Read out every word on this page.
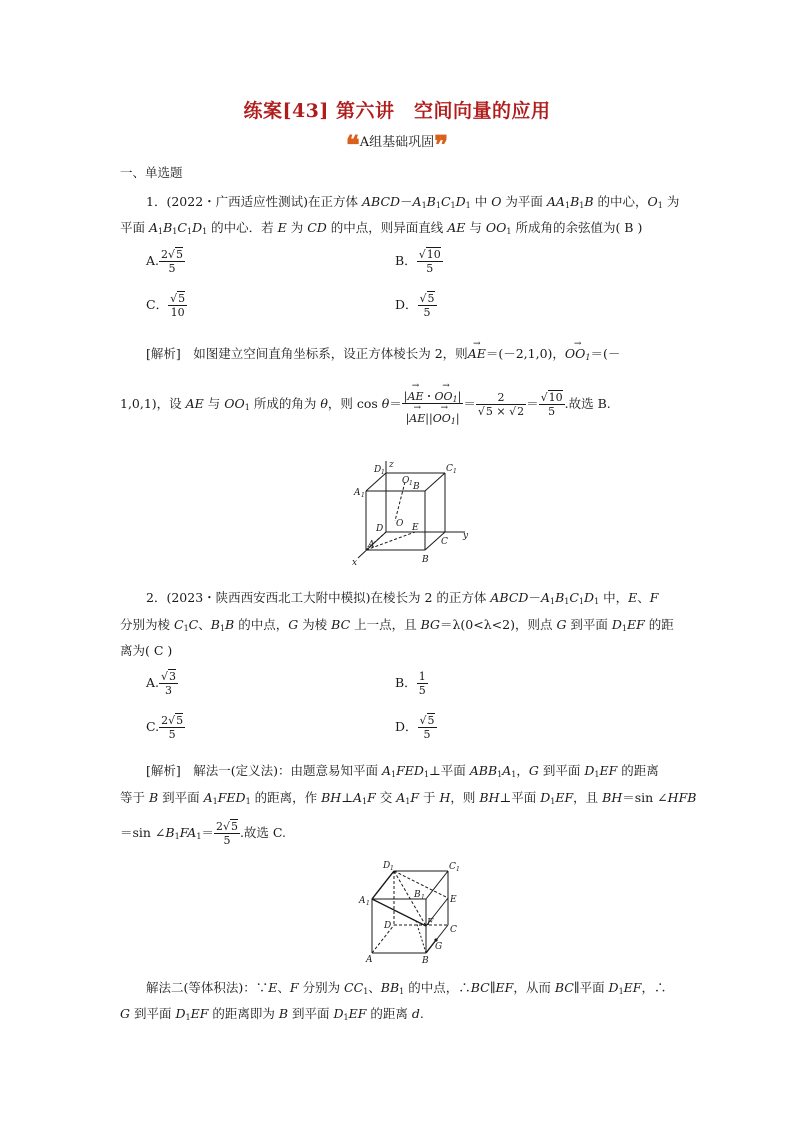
练案[43] 第六讲　空间向量的应用
❝A组基础巩固❞
一、单选题
1．(2022・广西适应性测试)在正方体 $ABCD-A_1B_1C_1D_1$ 中 O 为平面 $AA_1B_1B$ 的中心，$O_1$ 为
平面 $A_1B_1C_1D_1$ 的中心．若 E 为 CD 的中点，则异面直线 AE 与 $OO_1$ 所成角的余弦值为( B )
A. $\frac{2√5}{5}$	B． $\frac{√10}{5}$
C． $\frac{√5}{10}$	D． $\frac{√5}{5}$
[解析]　如图建立空间直角坐标系，设正方体棱长为 2，则→ AE＝(－2,1,0)，→ $OO_1=(-$
1,0,1)，设 AE 与 $OO_1$ 所成的角为 θ，则 $\cos \theta= \frac{|\to AE・\to OO_1|}{|\to AE||\to OO_1|} = \frac{2}{√5 \times √2} = \frac{√10}{5}$ .故选 B.
D 1
z	C 1
O 1
A 1
B
D O E
y
A
B
C
x
2．(2023・陕西西安西北工大附中模拟)在棱长为 2 的正方体 $ABCD-A_1B_1C_1D_1$ 中，E、F
分别为棱 $C_1C$、$B_1B$ 的中点，G 为棱 BC 上一点，且 BG＝λ(0<λ<2)，则点 G 到平面 $D_1EF$ 的距
离为( C )
A. $\frac{√3}{3}$	B． $\frac{1}{5}$
C. $\frac{2√5}{5}$	D． $\frac{√5}{5}$
[解析]　解法一(定义法)：由题意易知平面 $A_1FED_1\perp$平面 $ABB_1A_1$，G 到平面 $D_1EF$ 的距离
等于 B 到平面 $A_1FED_1$ 的距离，作 $BH\perp A_1F$ 交 $A_1F$ 于 H，则 BH⊥平面 $D_1EF$，且 BH＝sin ∠HFB
＝sin $\angle B_1FA_1= \frac{2√5}{5}$ .故选 C.
D 1	C 1
B 1
A 1	E
F
D	C
G
A	B
解法二(等体积法)：∵E、F 分别为 $CC_1$、$BB_1$ 的中点，∴BC∥EF，从而 BC∥平面 $D_1EF$，∴
G 到平面 $D_1EF$ 的距离即为 B 到平面 $D_1EF$ 的距离 d.
